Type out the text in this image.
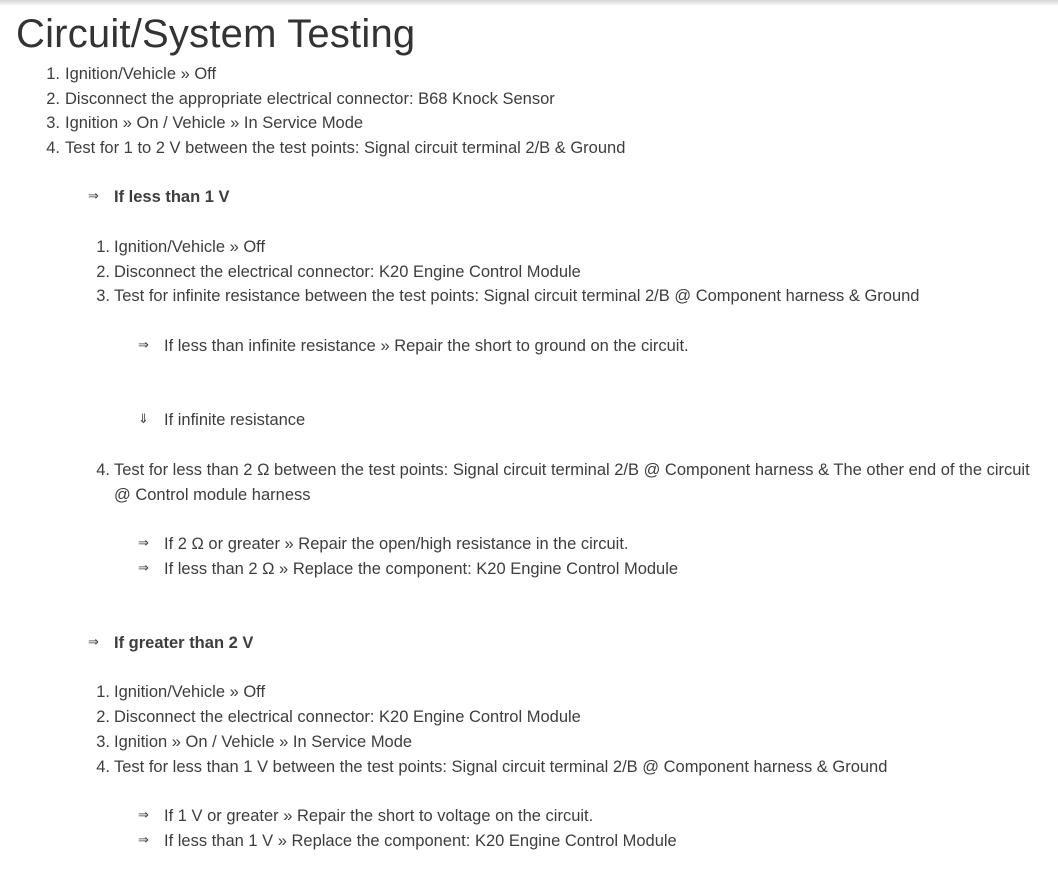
Circuit/System Testing
1. Ignition/Vehicle » Off
2. Disconnect the appropriate electrical connector: B68 Knock Sensor
3. Ignition » On / Vehicle » In Service Mode
4. Test for 1 to 2 V between the test points: Signal circuit terminal 2/B & Ground
⇒ If less than 1 V
1. Ignition/Vehicle » Off
2. Disconnect the electrical connector: K20 Engine Control Module
3. Test for infinite resistance between the test points: Signal circuit terminal 2/B @ Component harness & Ground
⇒ If less than infinite resistance » Repair the short to ground on the circuit.
⇓ If infinite resistance
4. Test for less than 2 Ω between the test points: Signal circuit terminal 2/B @ Component harness & The other end of the circuit @ Control module harness
⇒ If 2 Ω or greater » Repair the open/high resistance in the circuit.
⇒ If less than 2 Ω » Replace the component: K20 Engine Control Module
⇒ If greater than 2 V
1. Ignition/Vehicle » Off
2. Disconnect the electrical connector: K20 Engine Control Module
3. Ignition » On / Vehicle » In Service Mode
4. Test for less than 1 V between the test points: Signal circuit terminal 2/B @ Component harness & Ground
⇒ If 1 V or greater » Repair the short to voltage on the circuit.
⇒ If less than 1 V » Replace the component: K20 Engine Control Module
